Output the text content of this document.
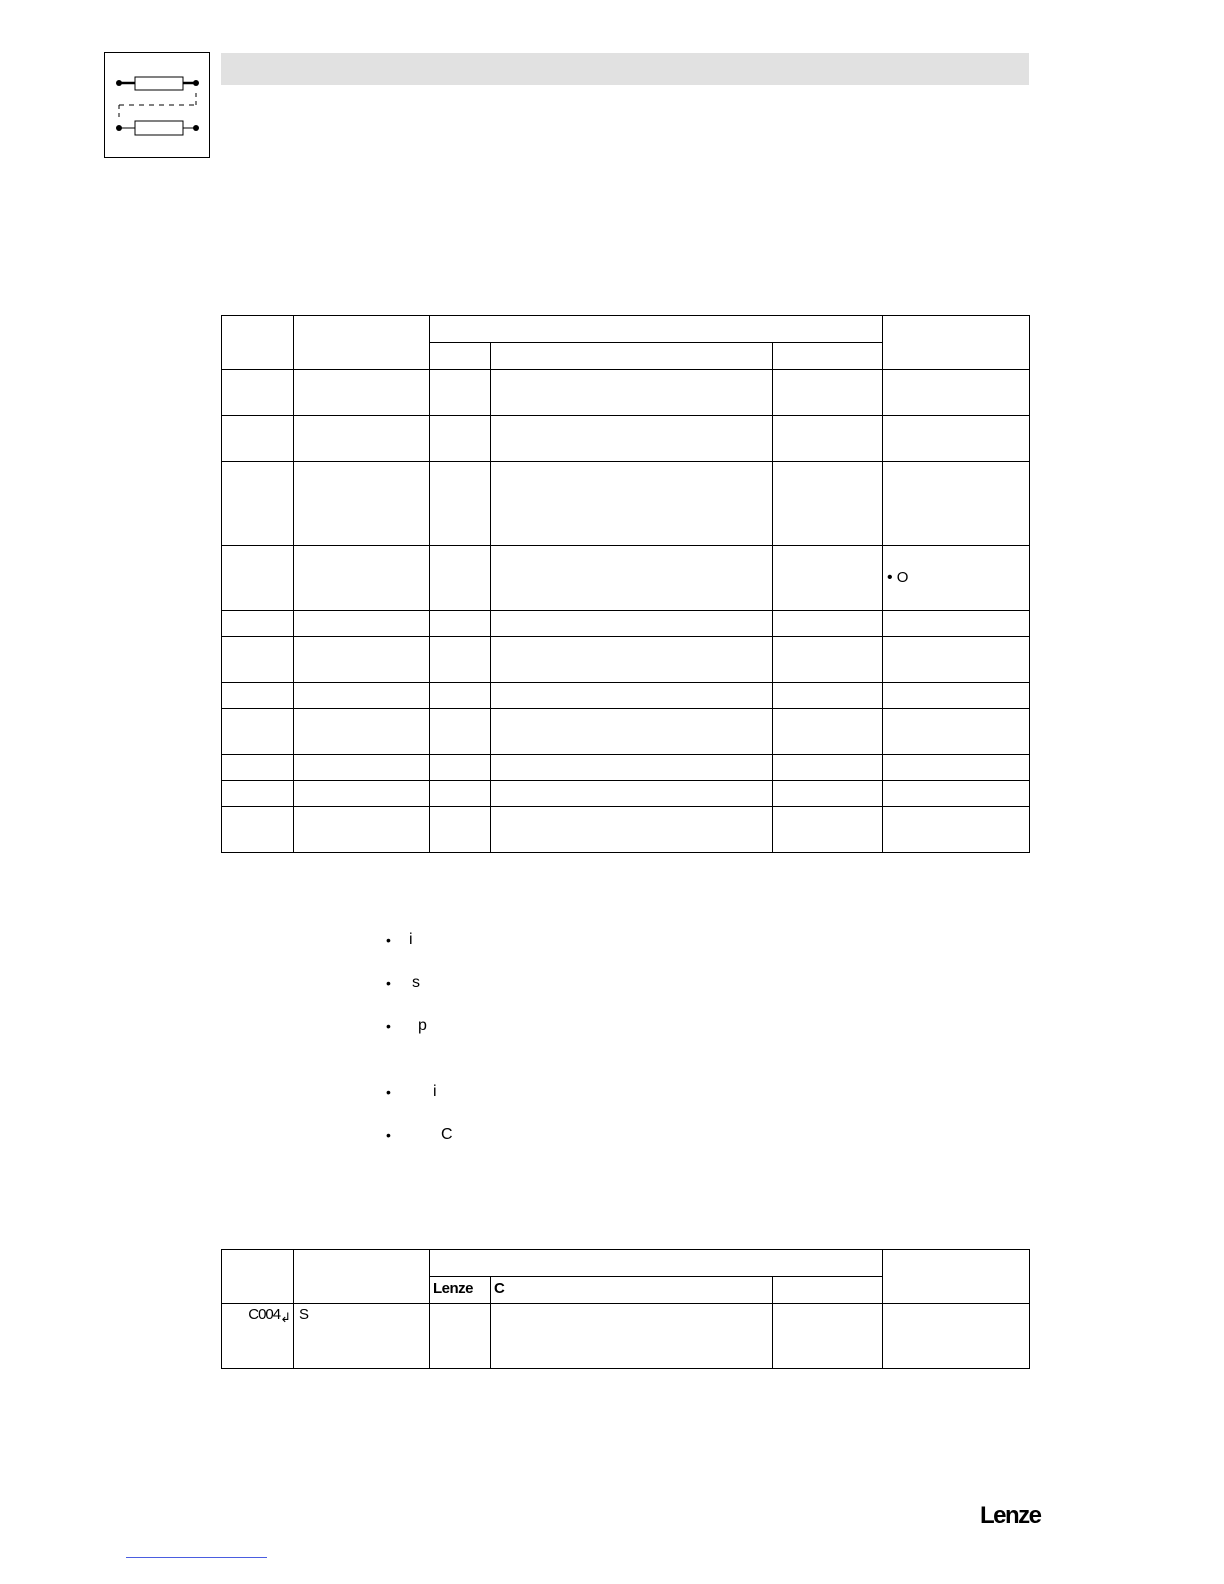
					• O

• i
• s
• p
•	i
•	C

		Lenze	C		
C004↲	S				
Lenze
